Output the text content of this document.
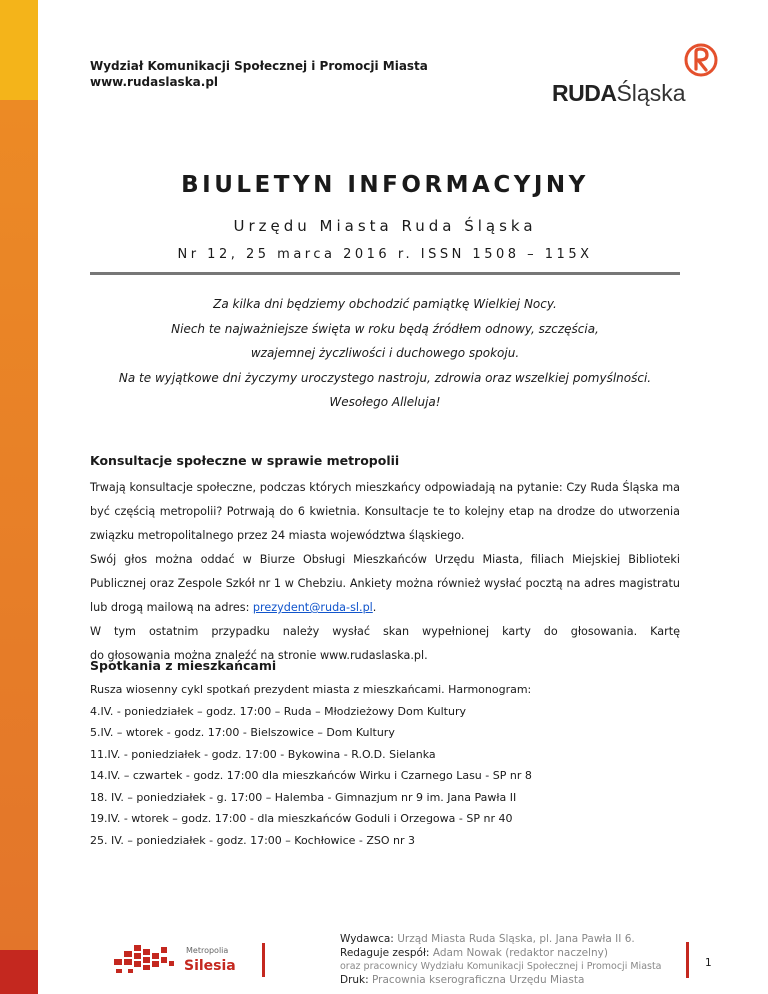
Wydział Komunikacji Społecznej i Promocji Miasta
www.rudaslaska.pl	RUDAŚląska
BIULETYN INFORMACYJNY
Urzędu Miasta Ruda Śląska
Nr 12, 25 marca 2016 r. ISSN 1508 – 115X
Za kilka dni będziemy obchodzić pamiątkę Wielkiej Nocy.
Niech te najważniejsze święta w roku będą źródłem odnowy, szczęścia,
wzajemnej życzliwości i duchowego spokoju.
Na te wyjątkowe dni życzymy uroczystego nastroju, zdrowia oraz wszelkiej pomyślności.
Wesołego Alleluja!
Konsultacje społeczne w sprawie metropolii

Trwają konsultacje społeczne, podczas których mieszkańcy odpowiadają na pytanie: Czy Ruda Śląska ma być częścią metropolii? Potrwają do 6 kwietnia. Konsultacje te to kolejny etap na drodze do utworzenia związku metropolitalnego przez 24 miasta województwa śląskiego.

Swój głos można oddać w Biurze Obsługi Mieszkańców Urzędu Miasta, filiach Miejskiej Biblioteki Publicznej oraz Zespole Szkół nr 1 w Chebziu. Ankiety można również wysłać pocztą na adres magistratu lub drogą mailową na adres: prezydent@ruda-sl.pl.

W tym ostatnim przypadku należy wysłać skan wypełnionej karty do głosowania. Kartę

do głosowania można znaleźć na stronie www.rudaslaska.pl.

Spotkania z mieszkańcami
Rusza wiosenny cykl spotkań prezydent miasta z mieszkańcami. Harmonogram:
4.IV. - poniedziałek – godz. 17:00 – Ruda – Młodzieżowy Dom Kultury
5.IV. – wtorek - godz. 17:00 - Bielszowice – Dom Kultury
11.IV. - poniedziałek - godz. 17:00 - Bykowina - R.O.D. Sielanka
14.IV. – czwartek - godz. 17:00 dla mieszkańców Wirku i Czarnego Lasu - SP nr 8
18. IV. – poniedziałek - g. 17:00 – Halemba - Gimnazjum nr 9 im. Jana Pawła II
19.IV. - wtorek – godz. 17:00 - dla mieszkańców Goduli i Orzegowa - SP nr 40
25. IV. – poniedziałek - godz. 17:00 – Kochłowice - ZSO nr 3
Metropolia
Silesia
Wydawca: Urząd Miasta Ruda Śląska, pl. Jana Pawła II 6.
Redaguje zespół: Adam Nowak (redaktor naczelny)
oraz pracownicy Wydziału Komunikacji Społecznej i Promocji Miasta
Druk: Pracownia kserograficzna Urzędu Miasta
1
